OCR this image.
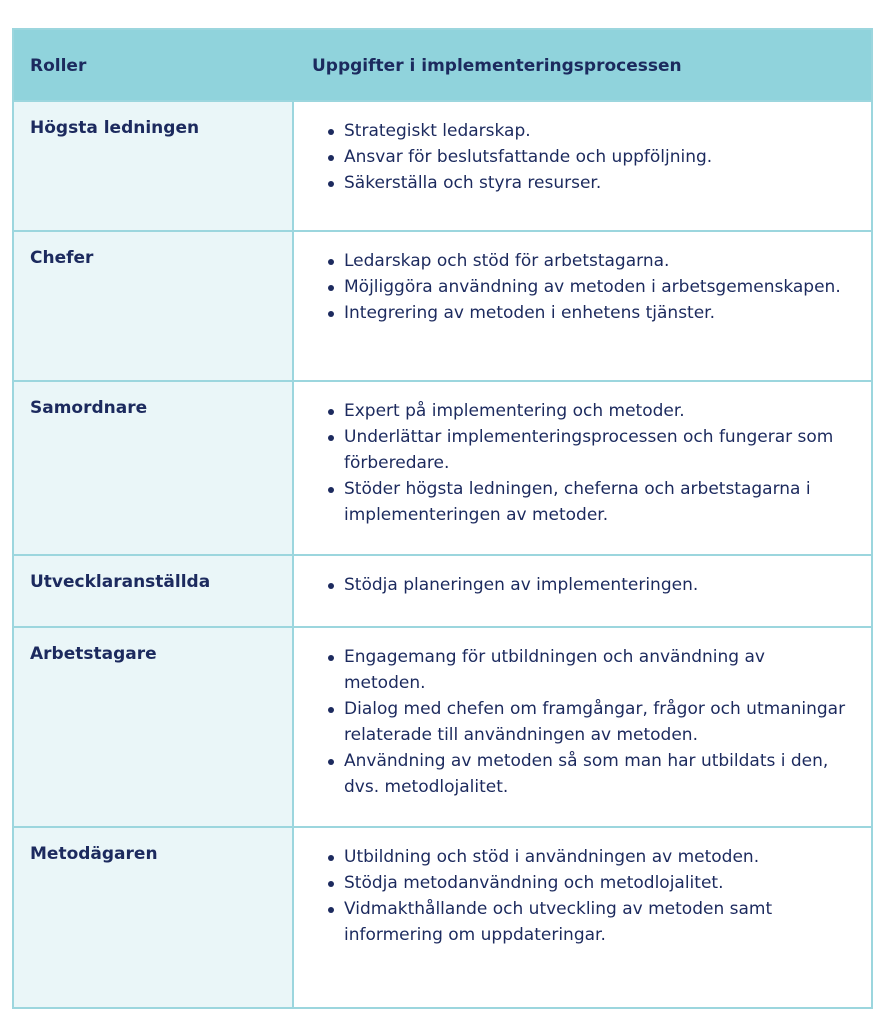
Roller	Uppgifter i implementeringsprocessen
Högsta ledningen	Strategiskt ledarskap.
Ansvar för beslutsfattande och uppföljning.
Säkerställa och styra resurser.
Chefer	Ledarskap och stöd för arbetstagarna.
Möjliggöra användning av metoden i arbetsgemenskapen.
Integrering av metoden i enhetens tjänster.
Samordnare	Expert på implementering och metoder.
Underlättar implementeringsprocessen och fungerar som förberedare.
Stöder högsta ledningen, cheferna och arbetstagarna i implementeringen av metoder.
Utvecklaranställda	Stödja planeringen av implementeringen.
Arbetstagare	Engagemang för utbildningen och användning av metoden.
Dialog med chefen om framgångar, frågor och utmaningar relaterade till användningen av metoden.
Användning av metoden så som man har utbildats i den, dvs. metodlojalitet.
Metodägaren	Utbildning och stöd i användningen av metoden.
Stödja metodanvändning och metodlojalitet.
Vidmakthållande och utveckling av metoden samt informering om uppdateringar.
